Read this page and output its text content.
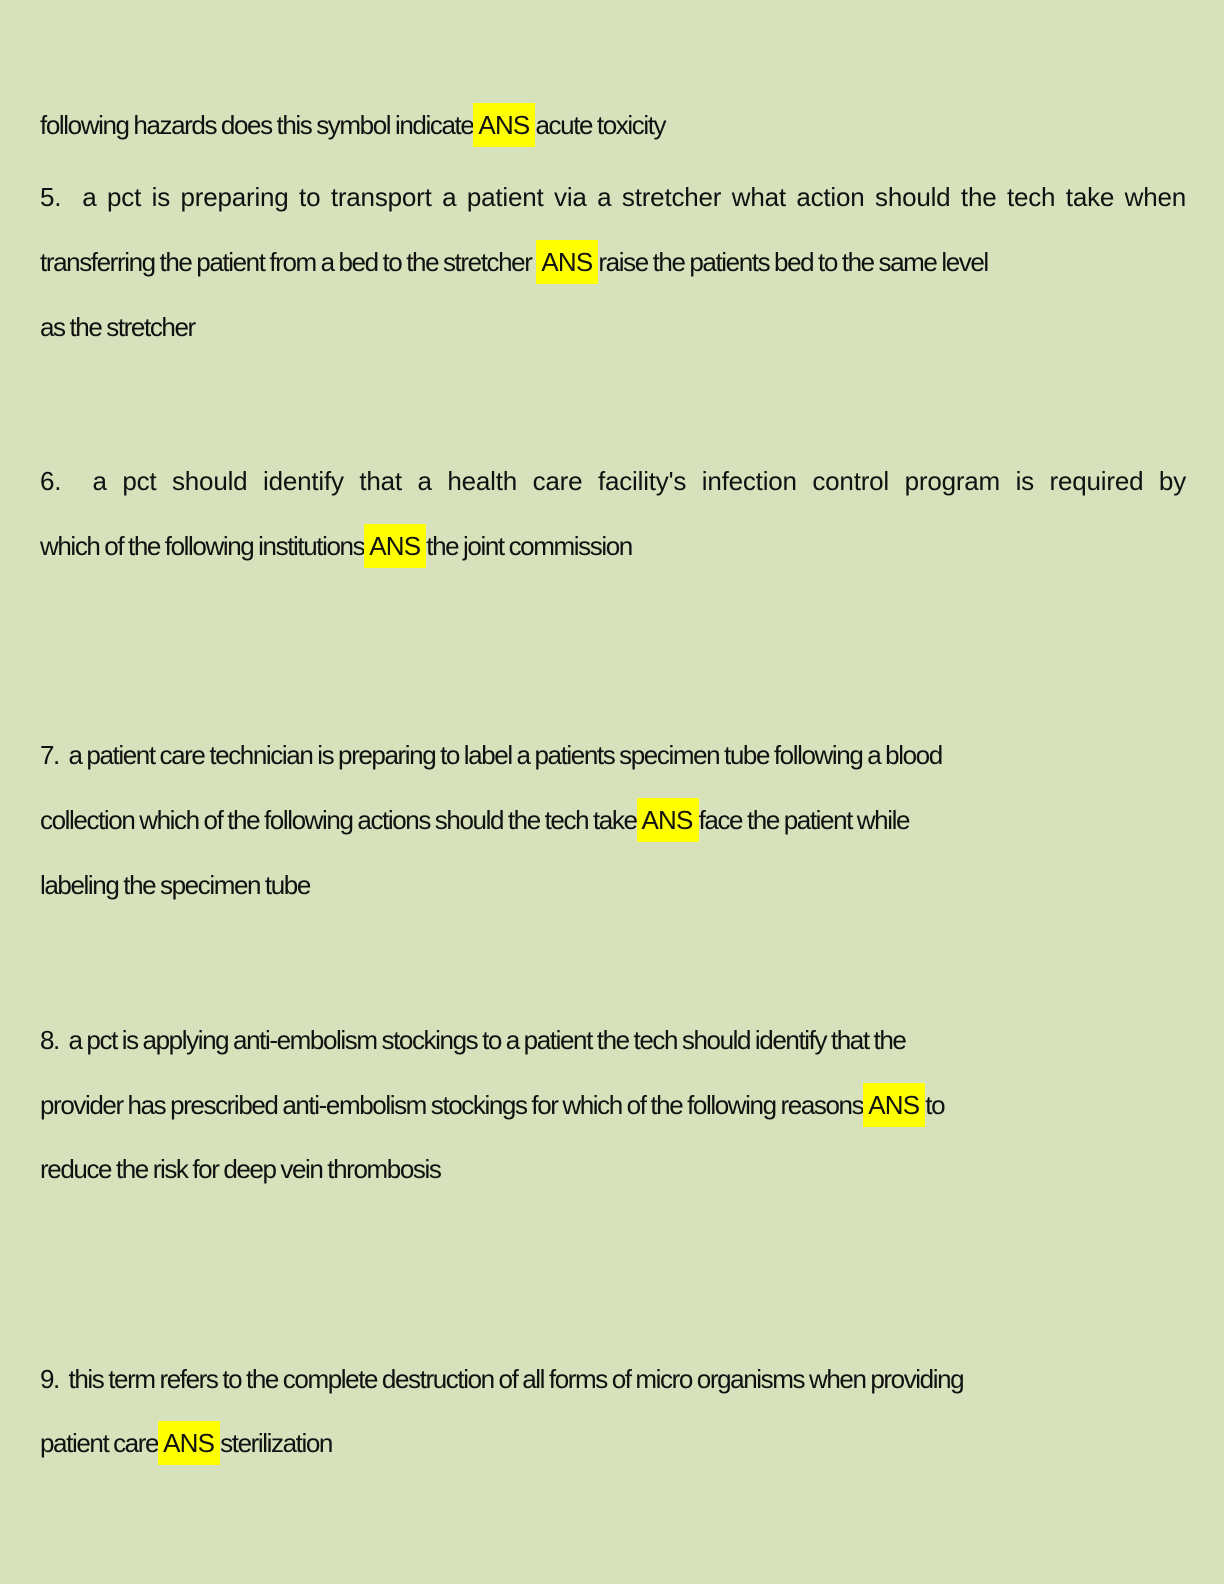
following hazards does this symbol indicate ANS acute toxicity
5. a pct is preparing to transport a patient via a stretcher what action should the tech take when
transferring the patient from a bed to the stretcher ANS raise the patients bed to the same level
as the stretcher
6. a pct should identify that a health care facility's infection control program is required by
which of the following institutions ANS the joint commission
7. a patient care technician is preparing to label a patients specimen tube following a blood
collection which of the following actions should the tech take ANS face the patient while
labeling the specimen tube
8. a pct is applying anti-embolism stockings to a patient the tech should identify that the
provider has prescribed anti-embolism stockings for which of the following reasons ANS to
reduce the risk for deep vein thrombosis
9. this term refers to the complete destruction of all forms of micro organisms when providing
patient care ANS sterilization
